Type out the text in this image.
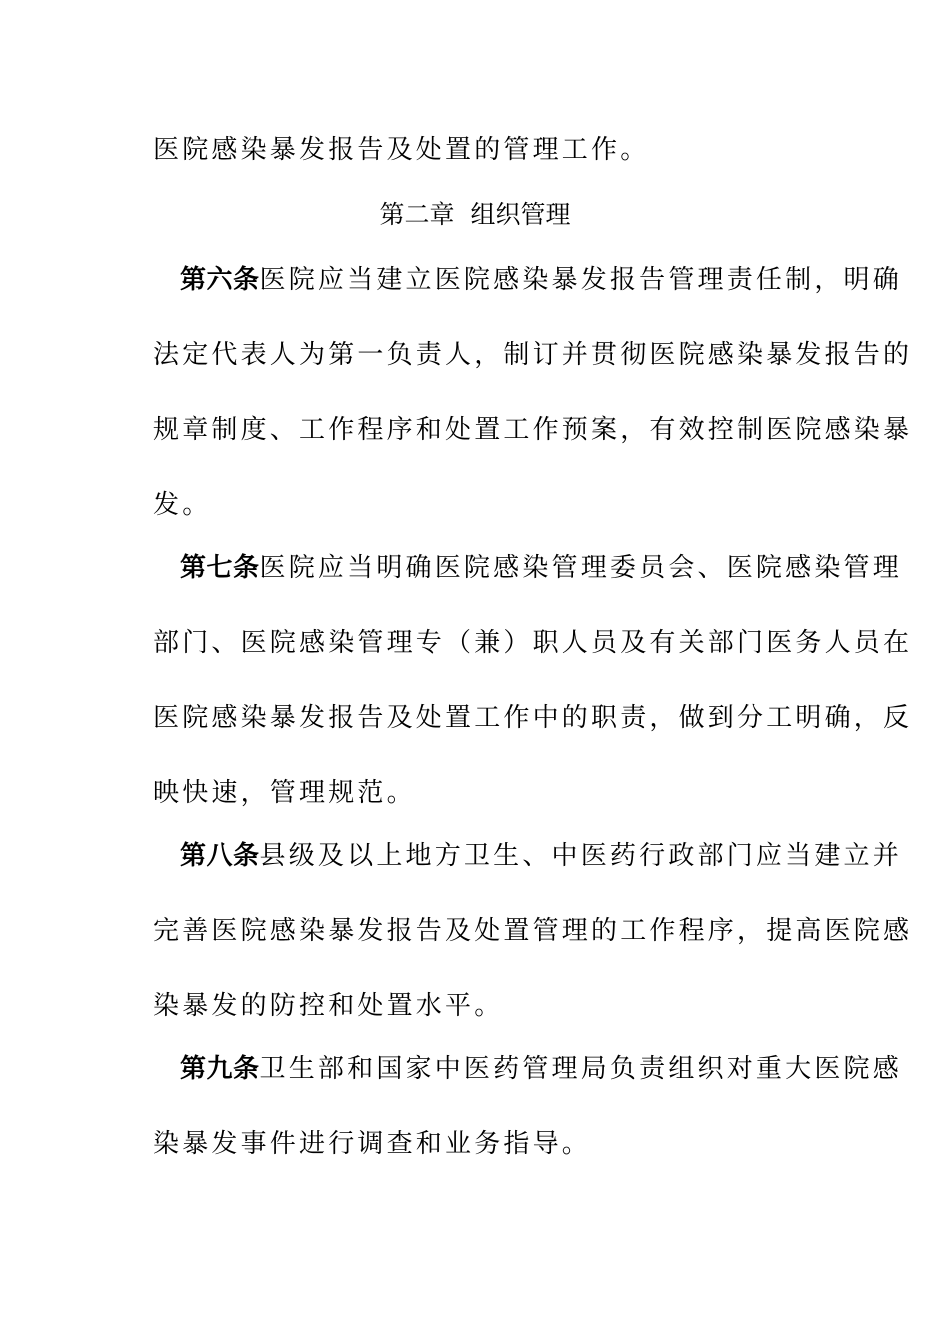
医院感染暴发报告及处置的管理工作。
第二章 组织管理
第六条医院应当建立医院感染暴发报告管理责任制，明确
法定代表人为第一负责人，制订并贯彻医院感染暴发报告的
规章制度、工作程序和处置工作预案，有效控制医院感染暴
发。
第七条医院应当明确医院感染管理委员会、医院感染管理
部门、医院感染管理专（兼）职人员及有关部门医务人员在
医院感染暴发报告及处置工作中的职责，做到分工明确，反
映快速，管理规范。
第八条县级及以上地方卫生、中医药行政部门应当建立并
完善医院感染暴发报告及处置管理的工作程序，提高医院感
染暴发的防控和处置水平。
第九条卫生部和国家中医药管理局负责组织对重大医院感
染暴发事件进行调查和业务指导。
